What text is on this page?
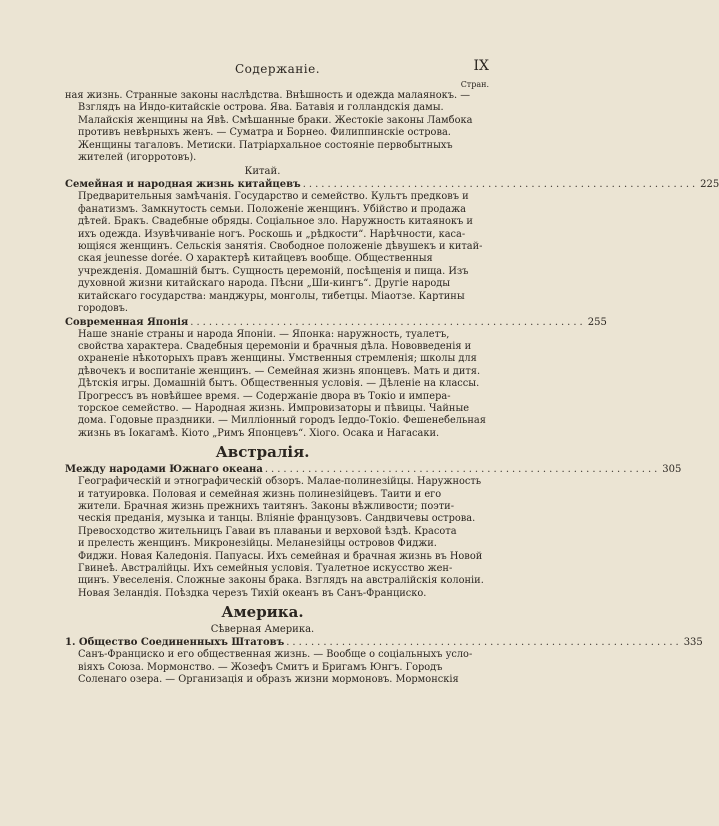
Содержаніе.	IX
Стран.
ная жизнь. Странные законы наслѣдства. Внѣшность и одежда малаянокъ. —
Взглядъ на Индо-китайскіе острова. Ява. Батавія и голландскія дамы.
Малайскія женщины на Явѣ. Смѣшанные браки. Жестокіе законы Ламбока
противъ невѣрныхъ женъ. — Суматра и Борнео. Филиппинскіе острова.
Женщины тагаловъ. Метиски. Патріархальное состояніе первобытныхъ
жителей (игорротовъ).
Китай.
Семейная и народная жизнь китайцевъ ................................................................ 225
Предварительныя замѣчанія. Государство и семейство. Культъ предковъ и
фанатизмъ. Замкнутость семьи. Положеніе женщинъ. Убійство и продажа
дѣтей. Бракъ. Свадебные обряды. Соціальное зло. Наружность китаянокъ и
ихъ одежда. Изувѣчиваніе ногъ. Роскошь и „рѣдкости“. Нарѣчности, каса-
ющіяся женщинъ. Сельскія занятія. Свободное положеніе дѣвушекъ и китай-
ская jeunesse dorée. О характерѣ китайцевъ вообще. Общественныя
учрежденія. Домашній бытъ. Сущность церемоній, посѣщенія и пища. Изъ
духовной жизни китайскаго народа. Пѣсни „Ши-кингъ“. Другіе народы
китайскаго государства: манджуры, монголы, тибетцы. Міаотзе. Картины
городовъ.
Современная Японія ................................................................ 255
Наше знаніе страны и народа Японіи. — Японка: наружность, туалетъ,
свойства характера. Свадебныя церемоніи и брачныя дѣла. Нововведенія и
охраненіе нѣкоторыхъ правъ женщины. Умственныя стремленія; школы для
дѣвочекъ и воспитаніе женщинъ. — Семейная жизнь японцевъ. Мать и дитя.
Дѣтскія игры. Домашній бытъ. Общественныя условія. — Дѣленіе на классы.
Прогрессъ въ новѣйшее время. — Содержаніе двора въ Токіо и импера-
торское семейство. — Народная жизнь. Импровизаторы и пѣвицы. Чайные
дома. Годовые праздники. — Милліонный городъ Іеддо-Токіо. Фешенебельная
жизнь въ Іокагамѣ. Кіото „Римъ Японцевъ“. Хіого. Осака и Нагасаки.
Австралія.
Между народами Южнаго океана ................................................................ 305
Географическій и этнографическій обзоръ. Малае-полинезійцы. Наружность
и татуировка. Половая и семейная жизнь полинезійцевъ. Таити и его
жители. Брачная жизнь прежнихъ таитянъ. Законы вѣжливости; поэти-
ческія преданія, музыка и танцы. Вліяніе французовъ. Сандвичевы острова.
Превосходство жительницъ Гаваи въ плаваньи и верховой ѣздѣ. Красота
и прелесть женщинъ. Микронезійцы. Меланезійцы островов Фиджи.
Фиджи. Новая Каледонія. Папуасы. Ихъ семейная и брачная жизнь въ Новой
Гвинеѣ. Австралійцы. Ихъ семейныя условія. Туалетное искусство жен-
щинъ. Увеселенія. Сложные законы брака. Взглядъ на австралійскія колоніи.
Новая Зеландія. Поѣздка черезъ Тихій океанъ въ Санъ-Франциско.
Америка.
Сѣверная Америка.
1. Общество Соединенныхъ Штатовъ ................................................................ 335
Санъ-Франциско и его общественная жизнь. — Вообще о соціальныхъ усло-
віяхъ Союза. Мормонство. — Жозефъ Смитъ и Бригамъ Юнгъ. Городъ
Соленаго озера. — Организація и образъ жизни мормоновъ. Мормонскія
